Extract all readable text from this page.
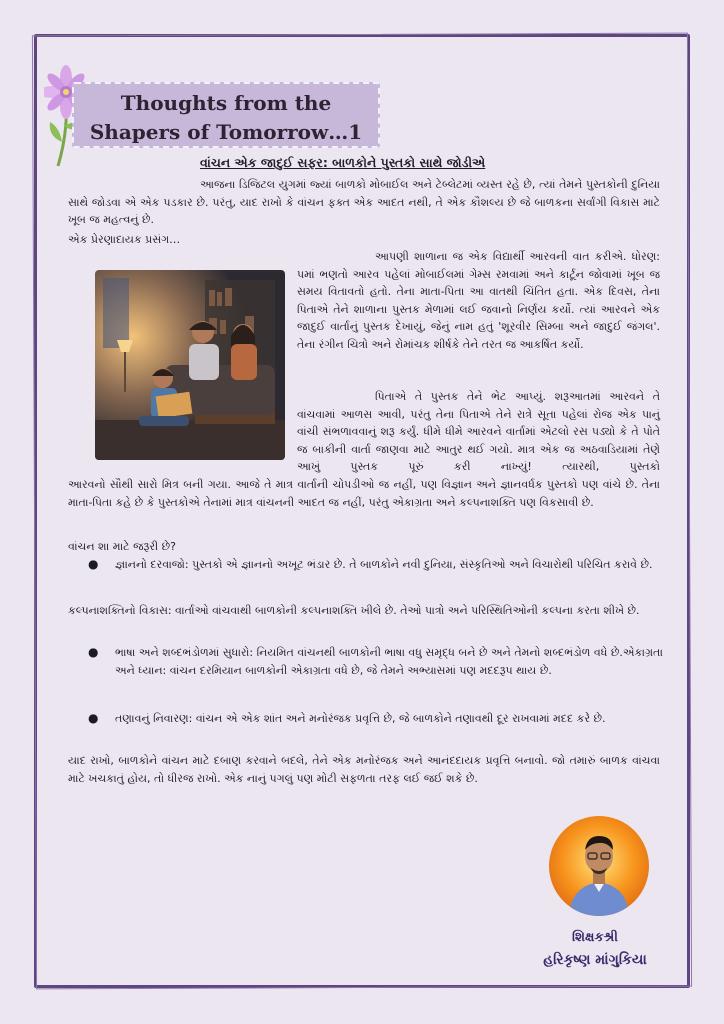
Thoughts from the
Shapers of Tomorrow…1
વાંચન એક જાદુઈ સફર: બાળકોને પુસ્તકો સાથે જોડીએ

આજના ડિજિટલ યુગમાં જ્યાં બાળકો મોબાઈલ અને ટેબ્લેટમાં વ્યસ્ત રહે છે, ત્યાં તેમને પુસ્તકોની દુનિયા સાથે જોડવા એ એક પડકાર છે. પરંતુ, યાદ રાખો કે વાંચન ફક્ત એક આદત નથી, તે એક કૌશલ્ય છે જે બાળકના સર્વાંગી વિકાસ માટે ખૂબ જ મહત્વનું છે.

એક પ્રેરણાદાયક પ્રસંગ…

આપણી શાળાના જ એક વિદ્યાર્થી આરવની વાત કરીએ. ધોરણ: પમાં ભણતો આરવ પહેલાં મોબાઈલમાં ગેમ્સ રમવામાં અને કાર્ટૂન જોવામાં ખૂબ જ સમય વિતાવતો હતો. તેના માતા-પિતા આ વાતથી ચિંતિત હતા. એક દિવસ, તેના પિતાએ તેને શાળાના પુસ્તક મેળામાં લઈ જવાનો નિર્ણય કર્યો. ત્યાં આરવને એક જાદુઈ વાર્તાનું પુસ્તક દેખાયું, જેનું નામ હતું 'શૂરવીર સિમ્બા અને જાદુઈ જંગલ'. તેના રંગીન ચિત્રો અને રોમાંચક શીર્ષકે તેને તરત જ આકર્ષિત કર્યો.

પિતાએ તે પુસ્તક તેને ભેટ આપ્યું. શરૂઆતમાં આરવને તે વાંચવામાં આળસ આવી, પરંતુ તેના પિતાએ તેને રાત્રે સૂતા પહેલાં રોજ એક પાનું વાંચી સંભળાવવાનું શરૂ કર્યું. ધીમે ધીમે આરવને વાર્તામાં એટલો રસ પડ્યો કે તે પોતે જ બાકીની વાર્તા જાણવા માટે આતુર થઈ ગયો. માત્ર એક જ અઠવાડિયામાં તેણે આખું પુસ્તક પૂરું કરી નાખ્યું! ત્યારથી, પુસ્તકો

આરવનો સૌથી સારો મિત્ર બની ગયા. આજે તે માત્ર વાર્તાની ચોપડીઓ જ નહીં, પણ વિજ્ઞાન અને જ્ઞાનવર્ધક પુસ્તકો પણ વાંચે છે. તેના માતા-પિતા કહે છે કે પુસ્તકોએ તેનામાં માત્ર વાંચનની આદત જ નહીં, પરંતુ એકાગ્રતા અને કલ્પનાશક્તિ પણ વિકસાવી છે.

વાંચન શા માટે જરૂરી છે?

● જ્ઞાનનો દરવાજો: પુસ્તકો એ જ્ઞાનનો અખૂટ ભંડાર છે. તે બાળકોને નવી દુનિયા, સંસ્કૃતિઓ અને વિચારોથી પરિચિત કરાવે છે.

કલ્પનાશક્તિનો વિકાસ: વાર્તાઓ વાંચવાથી બાળકોની કલ્પનાશક્તિ ખીલે છે. તેઓ પાત્રો અને પરિસ્થિતિઓની કલ્પના કરતા શીખે છે.

● ભાષા અને શબ્દભંડોળમાં સુધારો: નિયમિત વાંચનથી બાળકોની ભાષા વધુ સમૃદ્ધ બને છે અને તેમનો શબ્દભંડોળ વધે છે.એકાગ્રતા અને ધ્યાન: વાંચન દરમિયાન બાળકોની એકાગ્રતા વધે છે, જે તેમને અભ્યાસમાં પણ મદદરૂપ થાય છે.
● તણાવનું નિવારણ: વાંચન એ એક શાંત અને મનોરંજક પ્રવૃત્તિ છે, જે બાળકોને તણાવથી દૂર રાખવામાં મદદ કરે છે.

યાદ રાખો, બાળકોને વાંચન માટે દબાણ કરવાને બદલે, તેને એક મનોરંજક અને આનંદદાયક પ્રવૃત્તિ બનાવો. જો તમારું બાળક વાંચવા માટે ખચકાતું હોય, તો ધીરજ રાખો. એક નાનું પગલું પણ મોટી સફળતા તરફ લઈ જઈ શકે છે.

શિક્ષકશ્રી
હરિકૃષ્ણ માંગુકિયા
